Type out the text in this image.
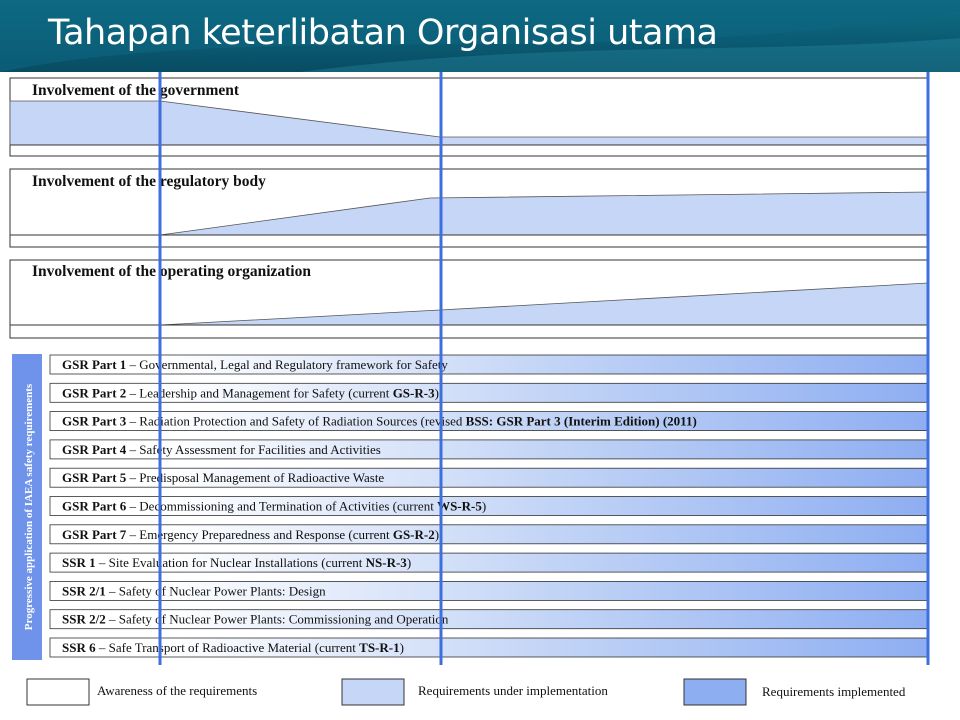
Tahapan keterlibatan Organisasi utama
Involvement of the government
Involvement of the regulatory body
Involvement of the operating organization
Progressive application of IAEA safety requirements
GSR Part 1 – Governmental, Legal and Regulatory framework for Safety
GSR Part 2 – Leadership and Management for Safety (current GS-R-3)
GSR Part 3 – Radiation Protection and Safety of Radiation Sources (revised BSS: GSR Part 3 (Interim Edition) (2011)
GSR Part 4 – Safety Assessment for Facilities and Activities
GSR Part 5 – Predisposal Management of Radioactive Waste
GSR Part 6 – Decommissioning and Termination of Activities (current WS-R-5)
GSR Part 7 – Emergency Preparedness and Response (current GS-R-2)
SSR 1 – Site Evaluation for Nuclear Installations (current NS-R-3)
SSR 2/1 – Safety of Nuclear Power Plants: Design
SSR 2/2 – Safety of Nuclear Power Plants: Commissioning and Operation
SSR 6 – Safe Transport of Radioactive Material (current TS-R-1)
Awareness of the requirements	Requirements under implementation	Requirements implemented
